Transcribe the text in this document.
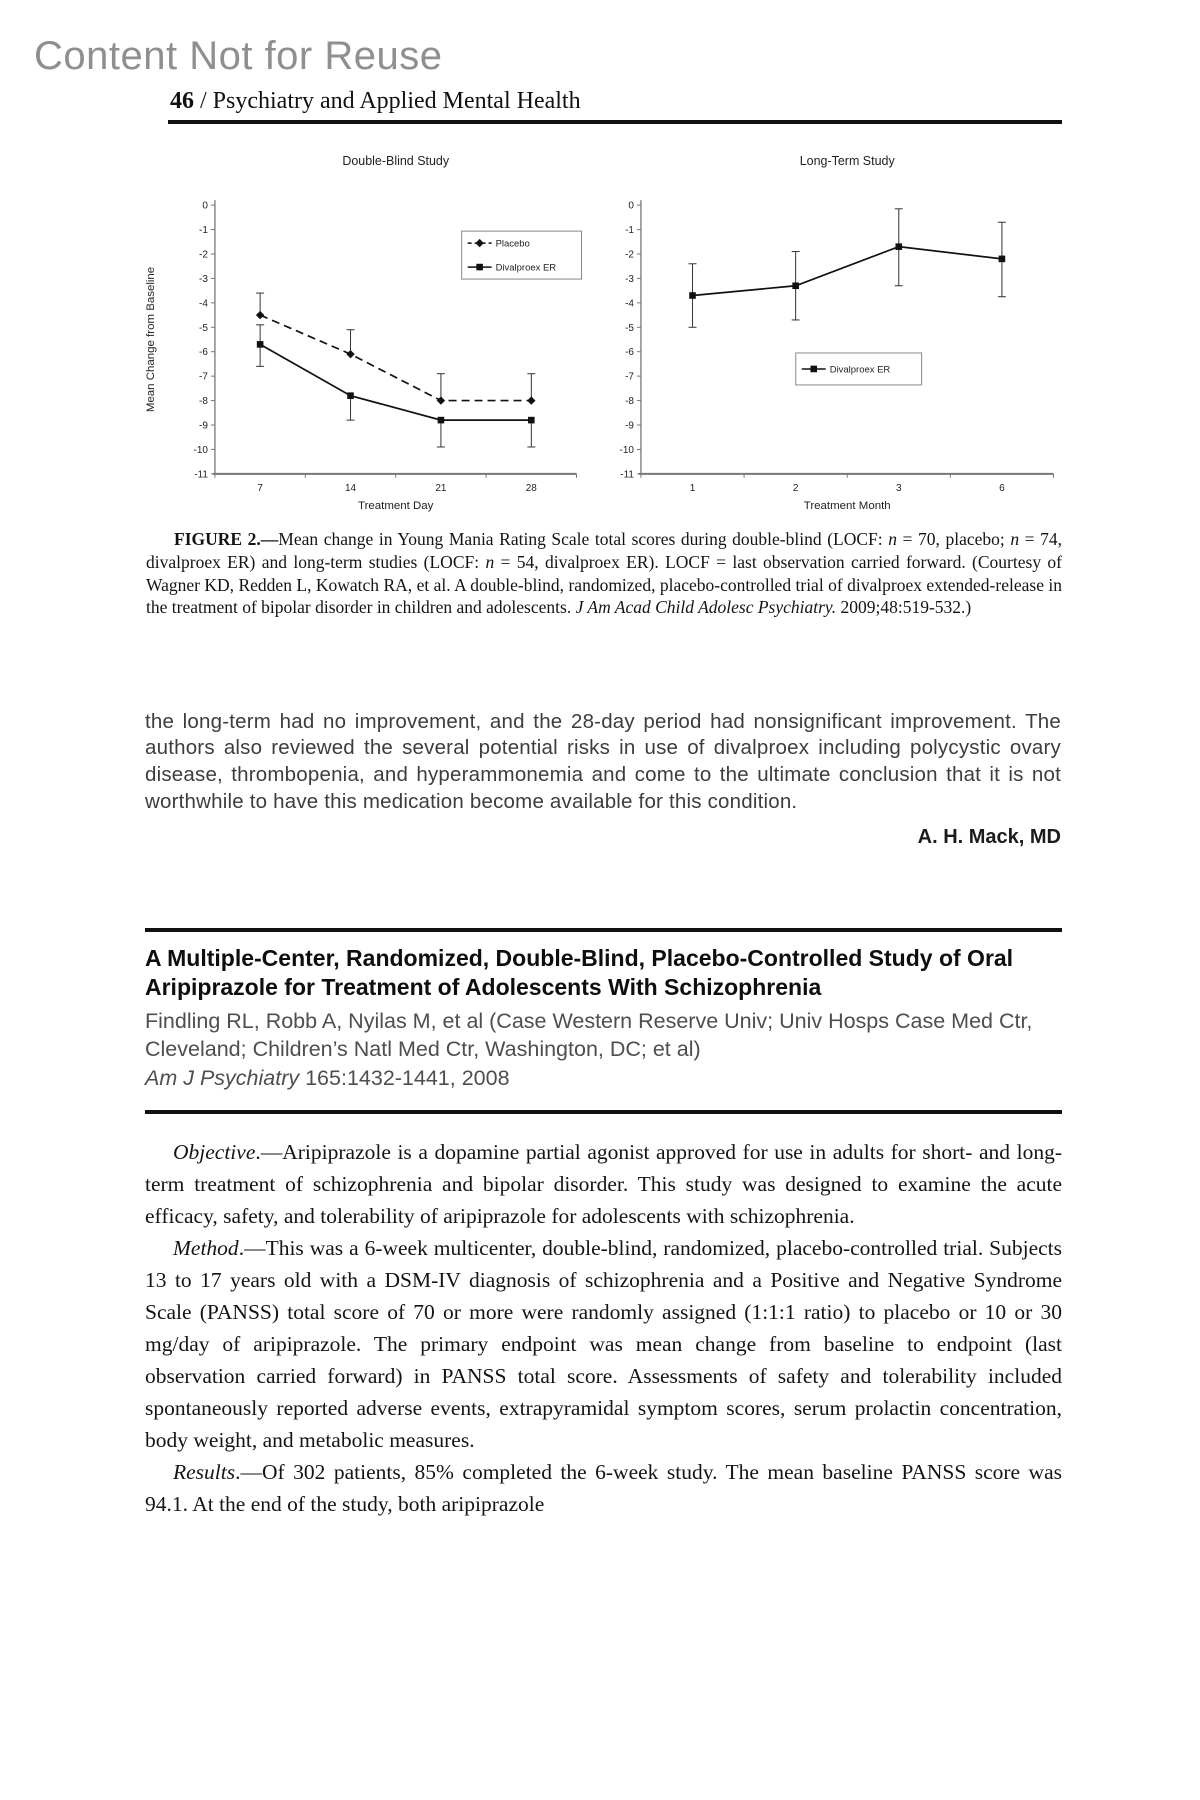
Content Not for Reuse
46 / Psychiatry and Applied Mental Health
Double-Blind Study
0
-1
-2
-3
-4
-5
-6
-7
-8
-9
-10
-11
7	14	21	28
Treatment Day
Mean Change from Baseline
Placebo
Divalproex ER
Long-Term Study
0
-1
-2
-3
-4
-5
-6
-7
-8
-9
-10
-11
1	2	3	6
Treatment Month
Divalproex ER
FIGURE 2.—Mean change in Young Mania Rating Scale total scores during double-blind (LOCF: n = 70, placebo; n = 74, divalproex ER) and long-term studies (LOCF: n = 54, divalproex ER). LOCF = last observation carried forward. (Courtesy of Wagner KD, Redden L, Kowatch RA, et al. A double-blind, randomized, placebo-controlled trial of divalproex extended-release in the treatment of bipolar disorder in children and adolescents. J Am Acad Child Adolesc Psychiatry. 2009;48:519-532.)

the long-term had no improvement, and the 28-day period had nonsignificant improvement. The authors also reviewed the several potential risks in use of divalproex including polycystic ovary disease, thrombopenia, and hyperammonemia and come to the ultimate conclusion that it is not worthwhile to have this medication become available for this condition.

A. H. Mack, MD
A Multiple-Center, Randomized, Double-Blind, Placebo-Controlled Study of Oral Aripiprazole for Treatment of Adolescents With Schizophrenia

Findling RL, Robb A, Nyilas M, et al (Case Western Reserve Univ; Univ Hosps Case Med Ctr, Cleveland; Children’s Natl Med Ctr, Washington, DC; et al)

Am J Psychiatry 165:1432-1441, 2008

Objective.—Aripiprazole is a dopamine partial agonist approved for use in adults for short- and long-term treatment of schizophrenia and bipolar disorder. This study was designed to examine the acute efficacy, safety, and tolerability of aripiprazole for adolescents with schizophrenia.

Method.—This was a 6-week multicenter, double-blind, randomized, placebo-controlled trial. Subjects 13 to 17 years old with a DSM-IV diagnosis of schizophrenia and a Positive and Negative Syndrome Scale (PANSS) total score of 70 or more were randomly assigned (1:1:1 ratio) to placebo or 10 or 30 mg/day of aripiprazole. The primary endpoint was mean change from baseline to endpoint (last observation carried forward) in PANSS total score. Assessments of safety and tolerability included spontaneously reported adverse events, extrapyramidal symptom scores, serum prolactin concentration, body weight, and metabolic measures.

Results.—Of 302 patients, 85% completed the 6-week study. The mean baseline PANSS score was 94.1. At the end of the study, both aripiprazole
